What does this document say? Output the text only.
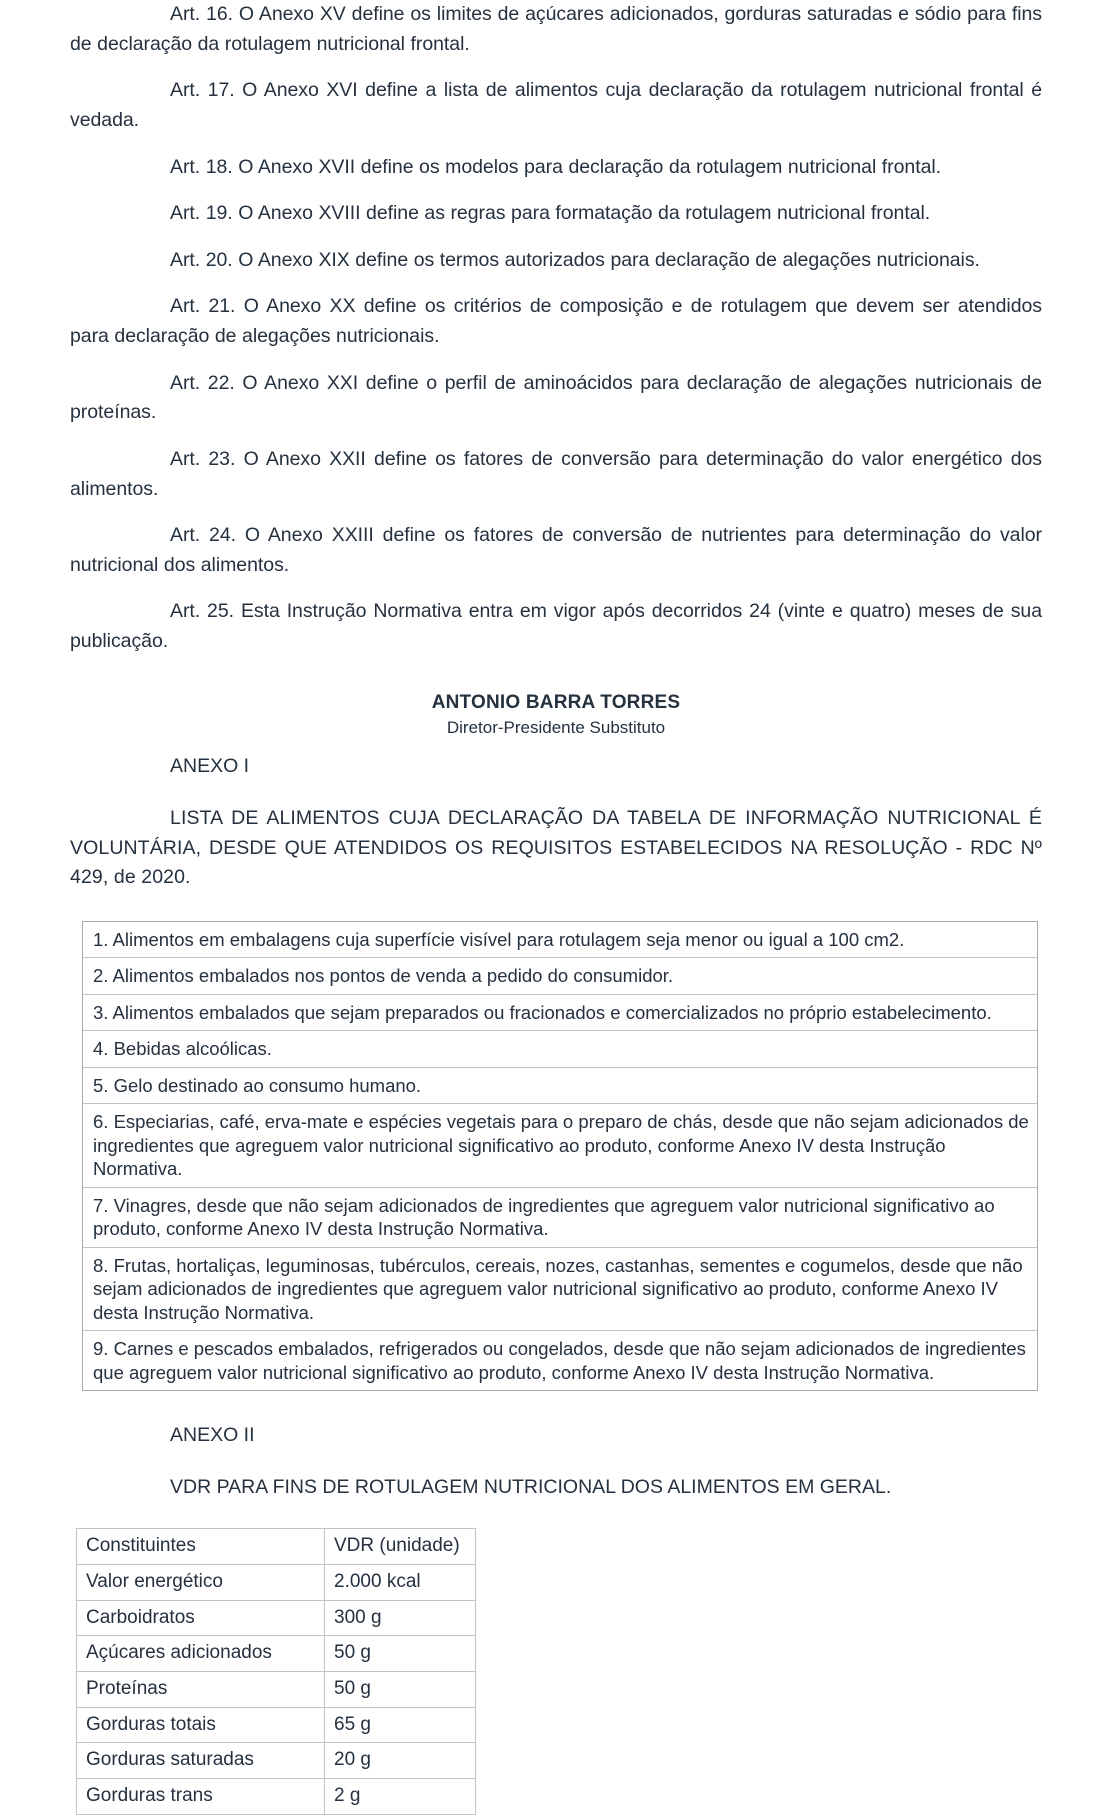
Art. 16. O Anexo XV define os limites de açúcares adicionados, gorduras saturadas e sódio para fins de declaração da rotulagem nutricional frontal.

Art. 17. O Anexo XVI define a lista de alimentos cuja declaração da rotulagem nutricional frontal é vedada.

Art. 18. O Anexo XVII define os modelos para declaração da rotulagem nutricional frontal.

Art. 19. O Anexo XVIII define as regras para formatação da rotulagem nutricional frontal.

Art. 20. O Anexo XIX define os termos autorizados para declaração de alegações nutricionais.

Art. 21. O Anexo XX define os critérios de composição e de rotulagem que devem ser atendidos para declaração de alegações nutricionais.

Art. 22. O Anexo XXI define o perfil de aminoácidos para declaração de alegações nutricionais de proteínas.

Art. 23. O Anexo XXII define os fatores de conversão para determinação do valor energético dos alimentos.

Art. 24. O Anexo XXIII define os fatores de conversão de nutrientes para determinação do valor nutricional dos alimentos.

Art. 25. Esta Instrução Normativa entra em vigor após decorridos 24 (vinte e quatro) meses de sua publicação.

ANTONIO BARRA TORRES
Diretor-Presidente Substituto

ANEXO I

LISTA DE ALIMENTOS CUJA DECLARAÇÃO DA TABELA DE INFORMAÇÃO NUTRICIONAL É VOLUNTÁRIA, DESDE QUE ATENDIDOS OS REQUISITOS ESTABELECIDOS NA RESOLUÇÃO - RDC Nº 429, de 2020.

1. Alimentos em embalagens cuja superfície visível para rotulagem seja menor ou igual a 100 cm2.
2. Alimentos embalados nos pontos de venda a pedido do consumidor.
3. Alimentos embalados que sejam preparados ou fracionados e comercializados no próprio estabelecimento.
4. Bebidas alcoólicas.
5. Gelo destinado ao consumo humano.
6. Especiarias, café, erva-mate e espécies vegetais para o preparo de chás, desde que não sejam adicionados de ingredientes que agreguem valor nutricional significativo ao produto, conforme Anexo IV desta Instrução Normativa.
7. Vinagres, desde que não sejam adicionados de ingredientes que agreguem valor nutricional significativo ao produto, conforme Anexo IV desta Instrução Normativa.
8. Frutas, hortaliças, leguminosas, tubérculos, cereais, nozes, castanhas, sementes e cogumelos, desde que não sejam adicionados de ingredientes que agreguem valor nutricional significativo ao produto, conforme Anexo IV desta Instrução Normativa.
9. Carnes e pescados embalados, refrigerados ou congelados, desde que não sejam adicionados de ingredientes que agreguem valor nutricional significativo ao produto, conforme Anexo IV desta Instrução Normativa.

ANEXO II

VDR PARA FINS DE ROTULAGEM NUTRICIONAL DOS ALIMENTOS EM GERAL.

Constituintes	VDR (unidade)
Valor energético	2.000 kcal
Carboidratos	300 g
Açúcares adicionados	50 g
Proteínas	50 g
Gorduras totais	65 g
Gorduras saturadas	20 g
Gorduras trans	2 g
